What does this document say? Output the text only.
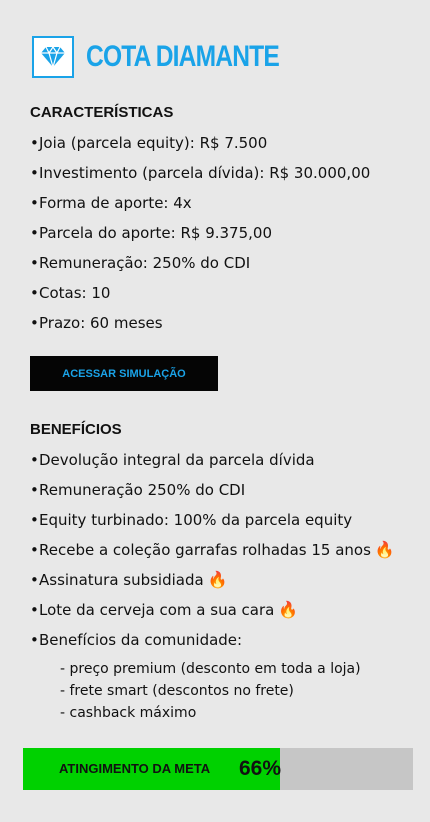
COTA DIAMANTE
CARACTERÍSTICAS
•Joia (parcela equity): R$ 7.500
•Investimento (parcela dívida): R$ 30.000,00
•Forma de aporte: 4x
•Parcela do aporte: R$ 9.375,00
•Remuneração: 250% do CDI
•Cotas: 10
•Prazo: 60 meses
ACESSAR SIMULAÇÃO
BENEFÍCIOS
•Devolução integral da parcela dívida
•Remuneração 250% do CDI
•Equity turbinado: 100% da parcela equity
•Recebe a coleção garrafas rolhadas 15 anos 🔥
•Assinatura subsidiada 🔥
•Lote da cerveja com a sua cara 🔥
•Benefícios da comunidade:
- preço premium (desconto em toda a loja)
- frete smart (descontos no frete)
- cashback máximo
ATINGIMENTO DA META 66%
